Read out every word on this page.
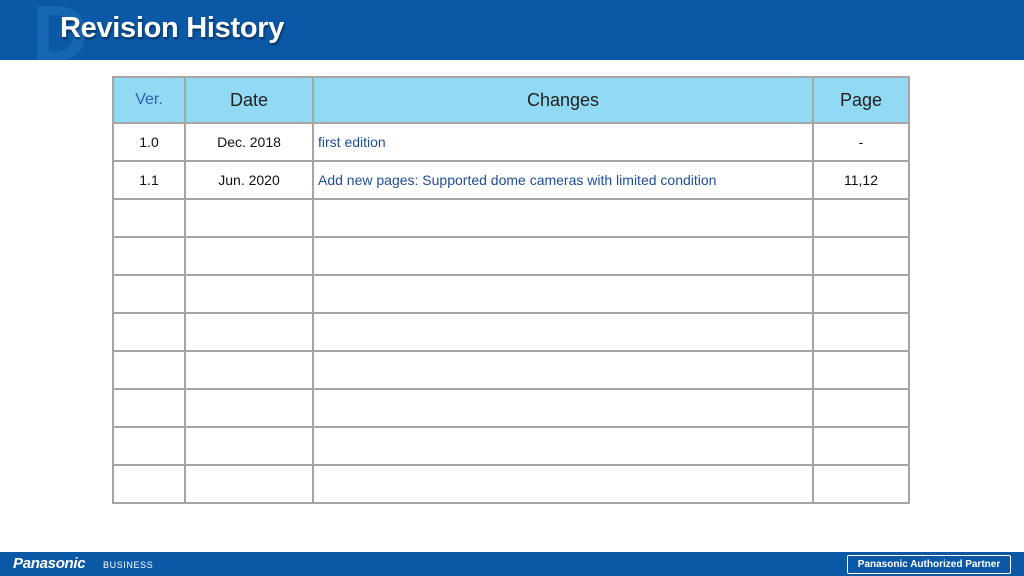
D
Revision History
Ver.	Date	Changes	Page
1.0	Dec. 2018	first edition	-
1.1	Jun. 2020	Add new pages: Supported dome cameras with limited condition	11,12

Panasonic BUSINESS	Panasonic Authorized Partner
